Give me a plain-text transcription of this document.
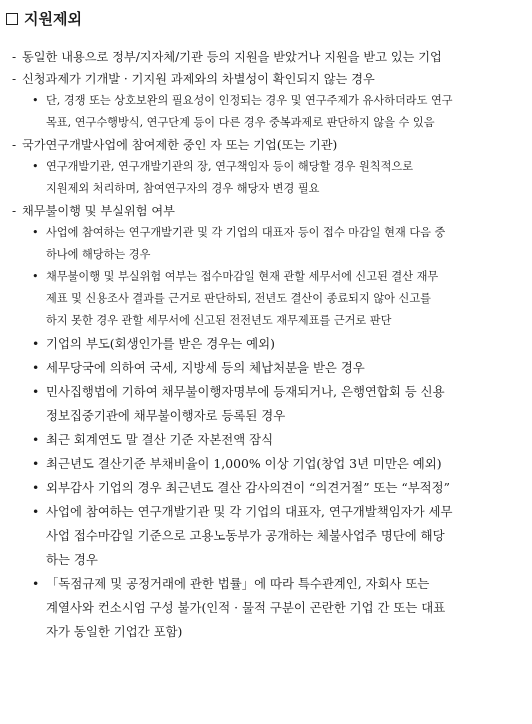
지원제외
- 동일한 내용으로 정부/지자체/기관 등의 지원을 받았거나 지원을 받고 있는 기업
- 신청과제가 기개발 · 기지원 과제와의 차별성이 확인되지 않는 경우
• 단, 경쟁 또는 상호보완의 필요성이 인정되는 경우 및 연구주제가 유사하더라도 연구
목표, 연구수행방식, 연구단계 등이 다른 경우 중복과제로 판단하지 않을 수 있음
- 국가연구개발사업에 참여제한 중인 자 또는 기업(또는 기관)
• 연구개발기관, 연구개발기관의 장, 연구책임자 등이 해당할 경우 원칙적으로
지원제외 처리하며, 참여연구자의 경우 해당자 변경 필요
- 채무불이행 및 부실위험 여부
• 사업에 참여하는 연구개발기관 및 각 기업의 대표자 등이 접수 마감일 현재 다음 중
하나에 해당하는 경우
• 채무불이행 및 부실위험 여부는 접수마감일 현재 관할 세무서에 신고된 결산 재무
제표 및 신용조사 결과를 근거로 판단하되, 전년도 결산이 종료되지 않아 신고를
하지 못한 경우 관할 세무서에 신고된 전전년도 재무제표를 근거로 판단
• 기업의 부도(회생인가를 받은 경우는 예외)
• 세무당국에 의하여 국세, 지방세 등의 체납처분을 받은 경우
• 민사집행법에 기하여 채무불이행자명부에 등재되거나, 은행연합회 등 신용
정보집중기관에 채무불이행자로 등록된 경우
• 최근 회계연도 말 결산 기준 자본전액 잠식
• 최근년도 결산기준 부채비율이 1,000% 이상 기업(창업 3년 미만은 예외)
• 외부감사 기업의 경우 최근년도 결산 감사의견이 “의견거절” 또는 “부적정”
• 사업에 참여하는 연구개발기관 및 각 기업의 대표자, 연구개발책임자가 세무
사업 접수마감일 기준으로 고용노동부가 공개하는 체불사업주 명단에 해당
하는 경우
• 「독점규제 및 공정거래에 관한 법률」에 따라 특수관계인, 자회사 또는
계열사와 컨소시엄 구성 불가(인적 · 물적 구분이 곤란한 기업 간 또는 대표
자가 동일한 기업간 포함)
